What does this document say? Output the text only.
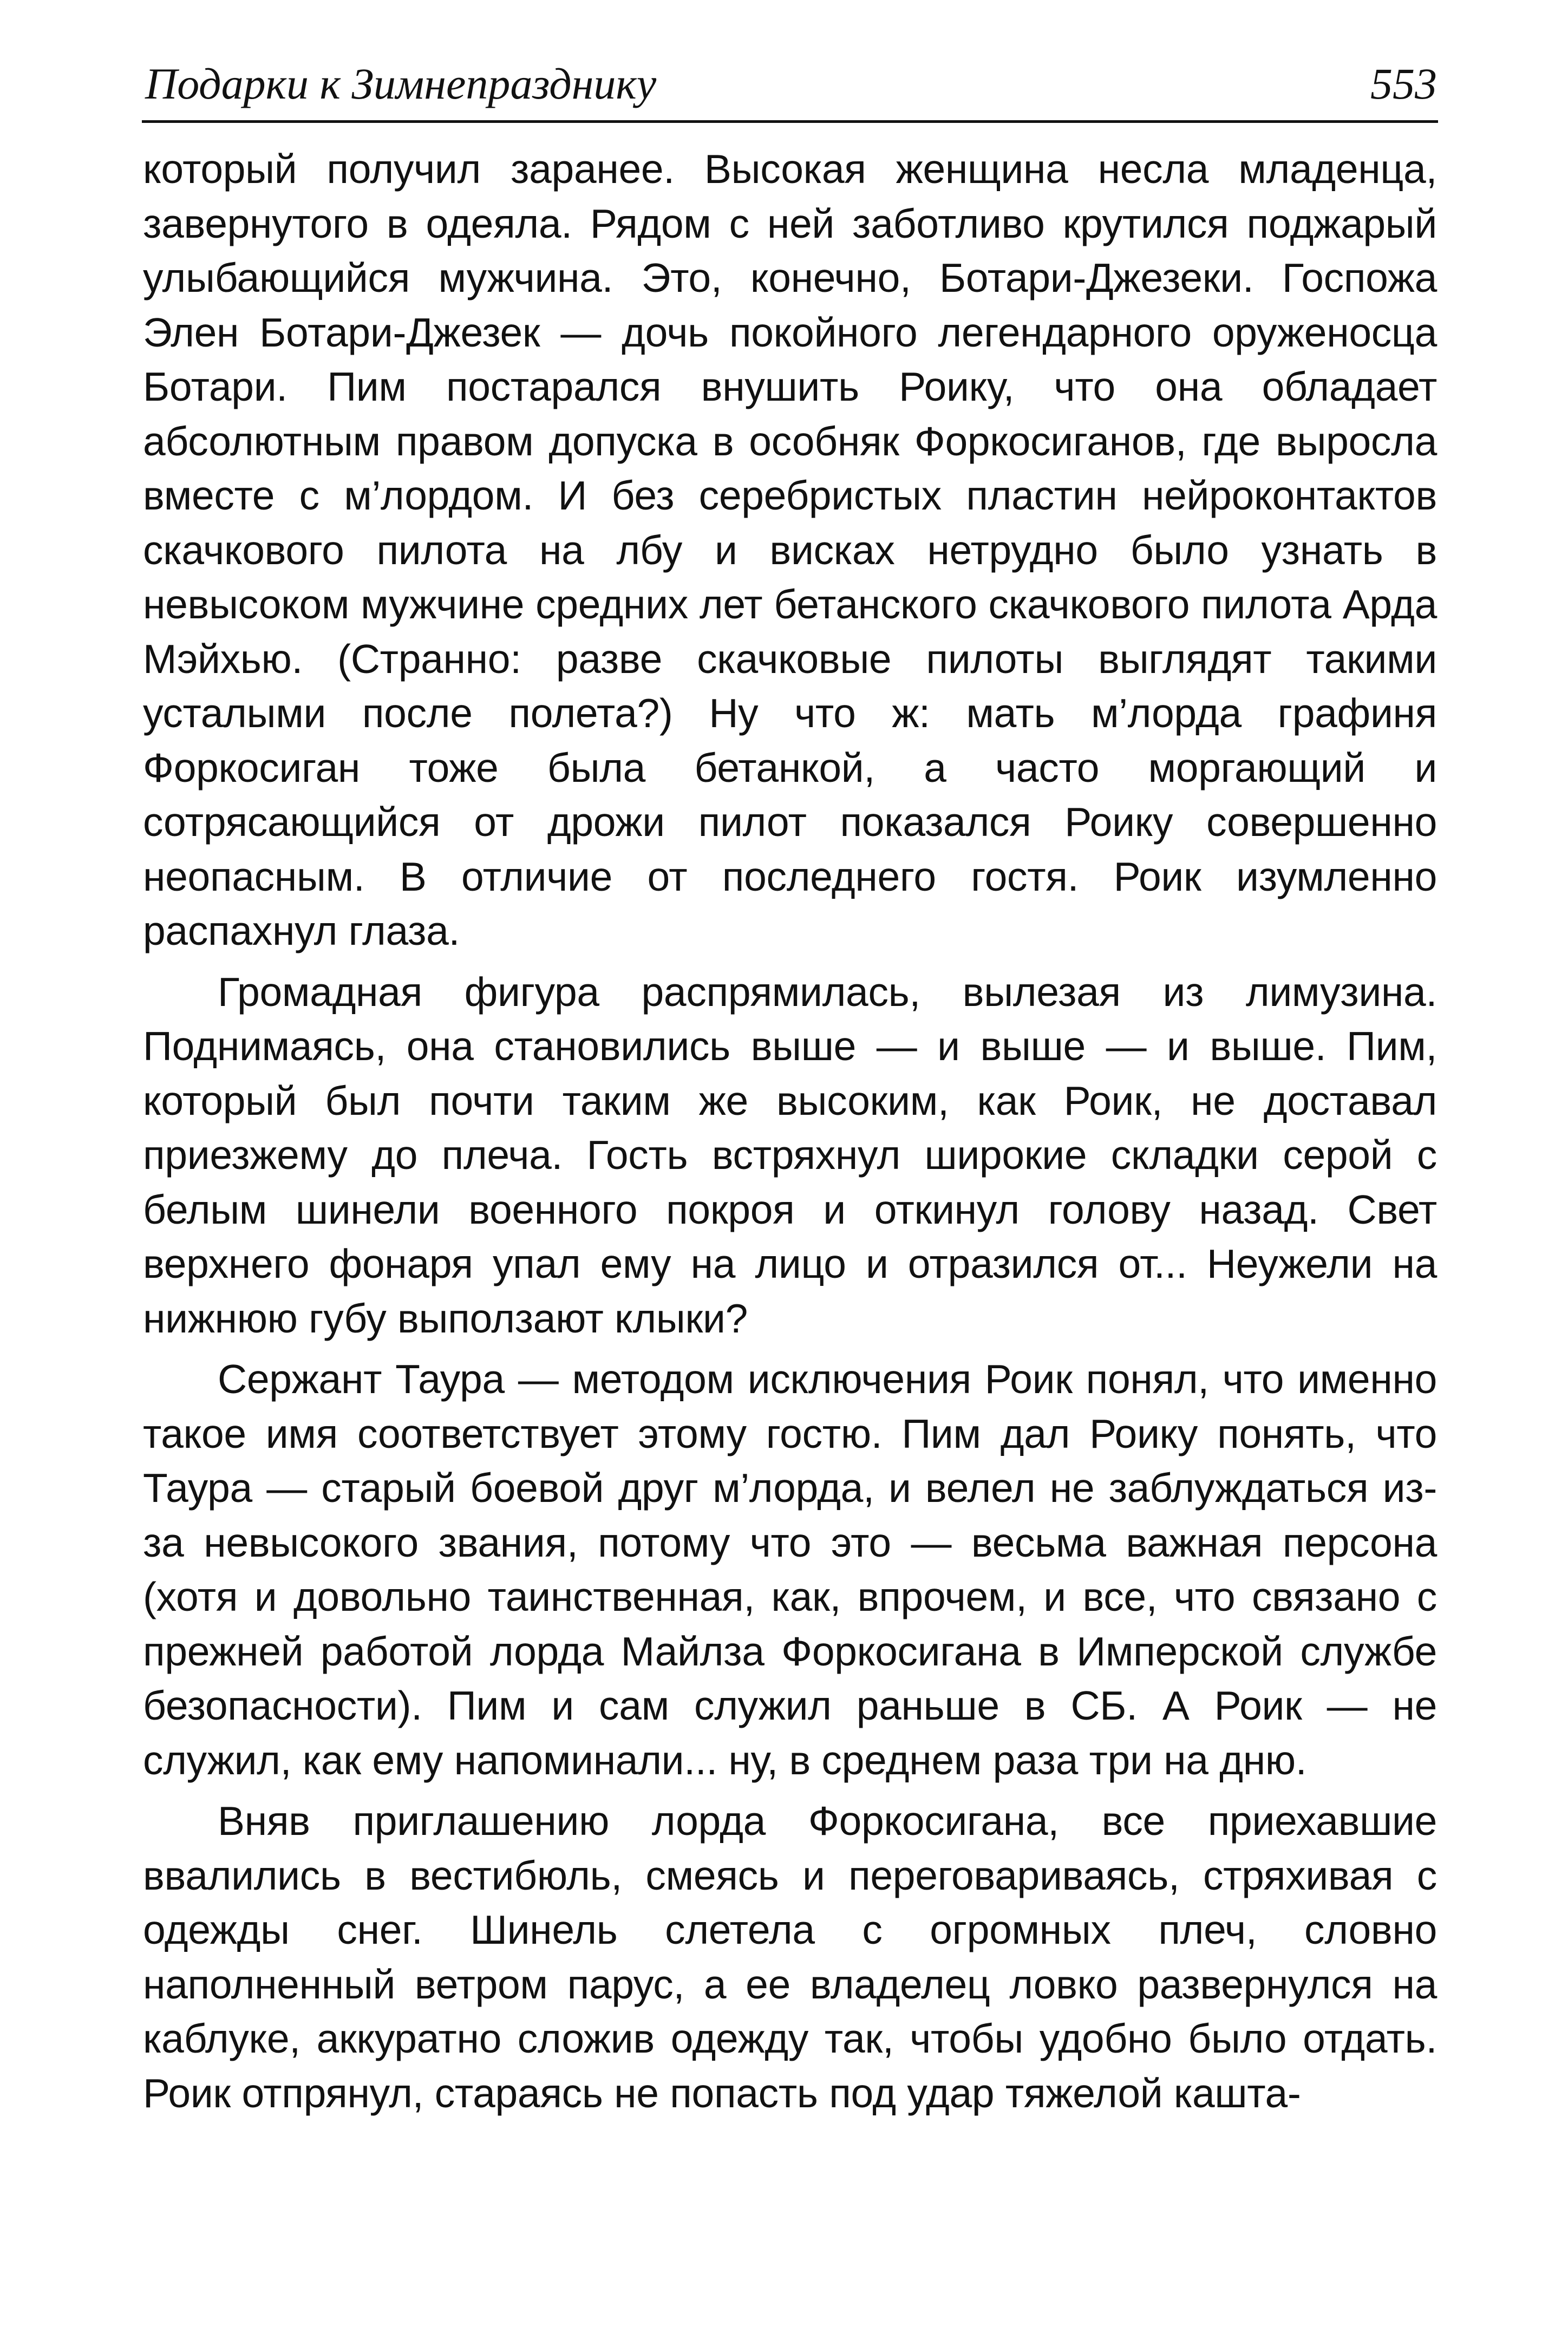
Подарки к Зимнепразднику	553

который получил заранее. Высокая женщина несла младенца, завернутого в одеяла. Рядом с ней заботливо крутился поджарый улыбающийся мужчина. Это, конечно, Ботари-Джезеки. Госпожа Элен Ботари-Джезек — дочь покойного легендарного оруженосца Ботари. Пим постарался внушить Роику, что она обладает абсолютным правом допуска в особняк Форкосиганов, где выросла вместе с м’лордом. И без серебристых пластин нейроконтактов скачкового пилота на лбу и висках нетрудно было узнать в невысоком мужчине средних лет бетанского скачкового пилота Арда Мэйхью. (Странно: разве скачковые пилоты выглядят такими усталыми после полета?) Ну что ж: мать м’лорда графиня Форкосиган тоже была бетанкой, а часто моргающий и сотрясающийся от дрожи пилот показался Роику совершенно неопасным. В отличие от последнего гостя. Роик изумленно распахнул глаза.

Громадная фигура распрямилась, вылезая из лимузина. Поднимаясь, она становились выше — и выше — и выше. Пим, который был почти таким же высоким, как Роик, не доставал приезжему до плеча. Гость встряхнул широкие складки серой с белым шинели военного покроя и откинул голову назад. Свет верхнего фонаря упал ему на лицо и отразился от... Неужели на нижнюю губу выползают клыки?

Сержант Таура — методом исключения Роик понял, что именно такое имя соответствует этому гостю. Пим дал Роику понять, что Таура — старый боевой друг м’лорда, и велел не заблуждаться из-за невысокого звания, потому что это — весьма важная персона (хотя и довольно таинственная, как, впрочем, и все, что связано с прежней работой лорда Майлза Форкосигана в Имперской службе безопасности). Пим и сам служил раньше в СБ. А Роик — не служил, как ему напоминали... ну, в среднем раза три на дню.

Вняв приглашению лорда Форкосигана, все приехавшие ввалились в вестибюль, смеясь и переговариваясь, стряхивая с одежды снег. Шинель слетела с огромных плеч, словно наполненный ветром парус, а ее владелец ловко развернулся на каблуке, аккуратно сложив одежду так, чтобы удобно было отдать. Роик отпрянул, стараясь не попасть под удар тяжелой кашта-
